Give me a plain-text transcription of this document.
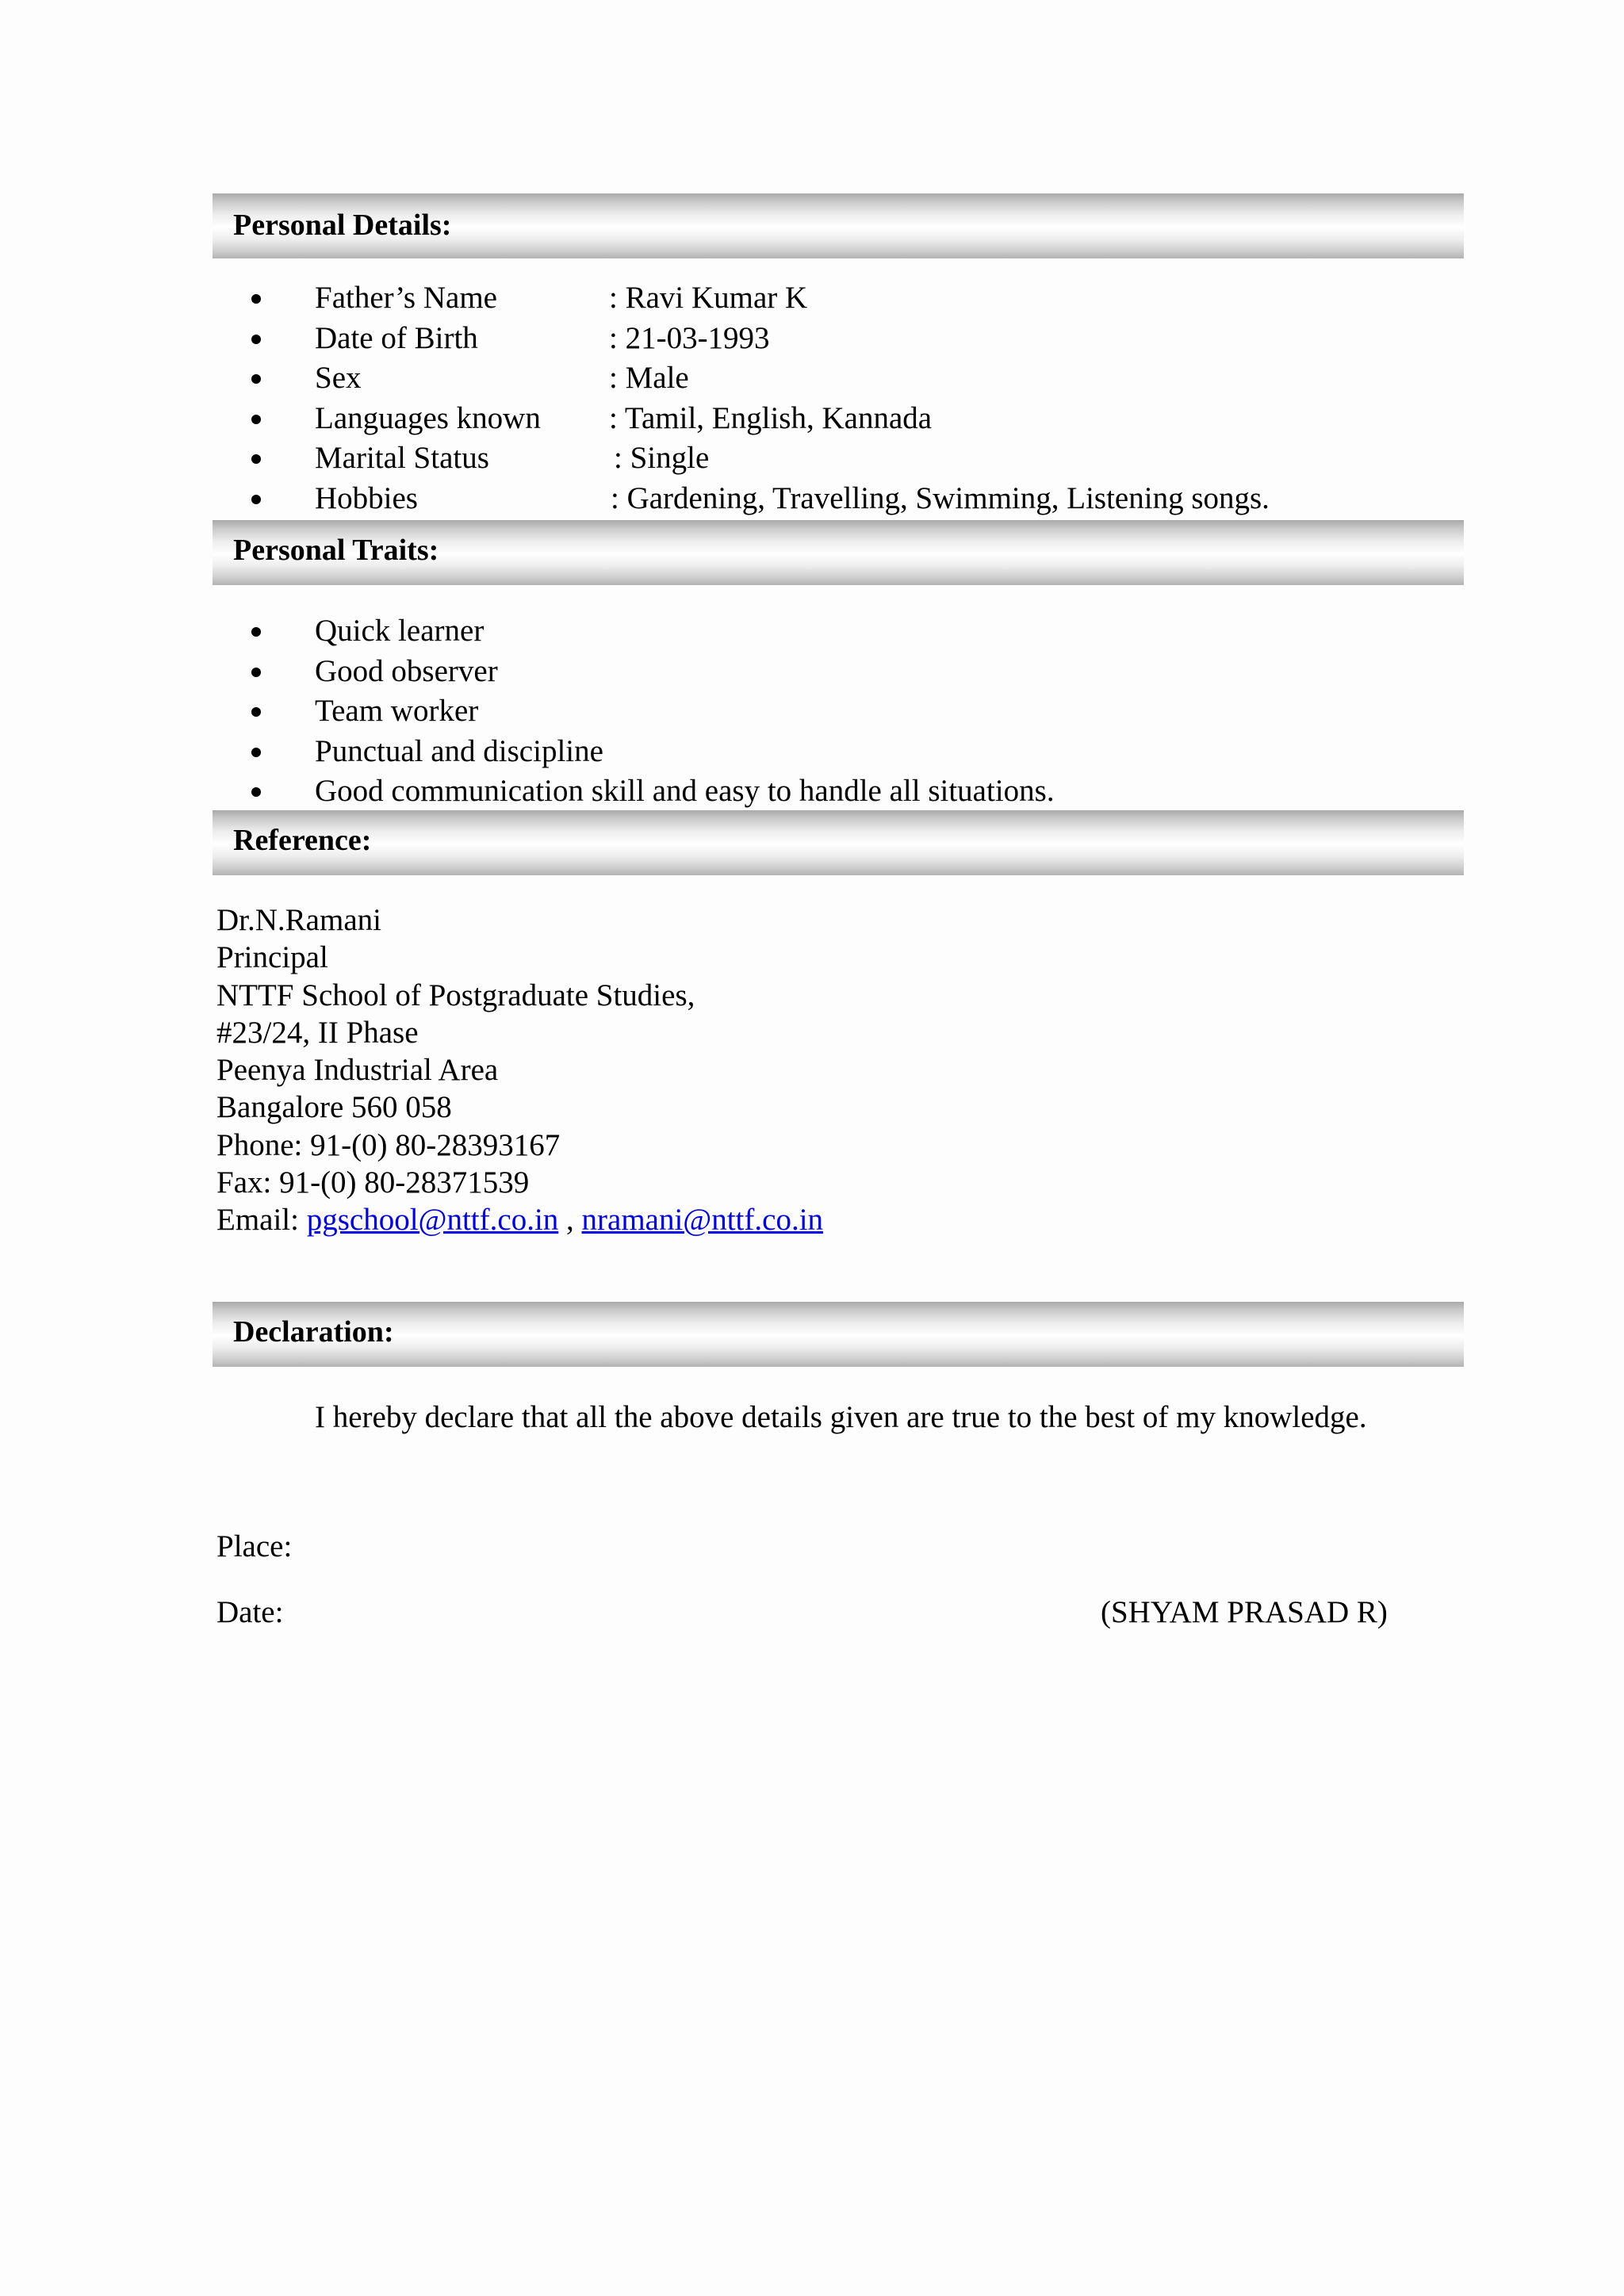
Personal Details:
Father’s Name	: Ravi Kumar K
Date of Birth	: 21-03-1993
Sex	: Male
Languages known : Tamil, English, Kannada
Marital Status	: Single
Hobbies	: Gardening, Travelling, Swimming, Listening songs.
Personal Traits:
Quick learner
Good observer
Team worker
Punctual and discipline
Good communication skill and easy to handle all situations.
Reference:
Dr.N.Ramani
Principal
NTTF School of Postgraduate Studies,
#23/24, II Phase
Peenya Industrial Area
Bangalore 560 058
Phone: 91-(0) 80-28393167
Fax: 91-(0) 80-28371539
Email: pgschool@nttf.co.in , nramani@nttf.co.in
Declaration:
I hereby declare that all the above details given are true to the best of my knowledge.
Place:
Date:	(SHYAM PRASAD R)
